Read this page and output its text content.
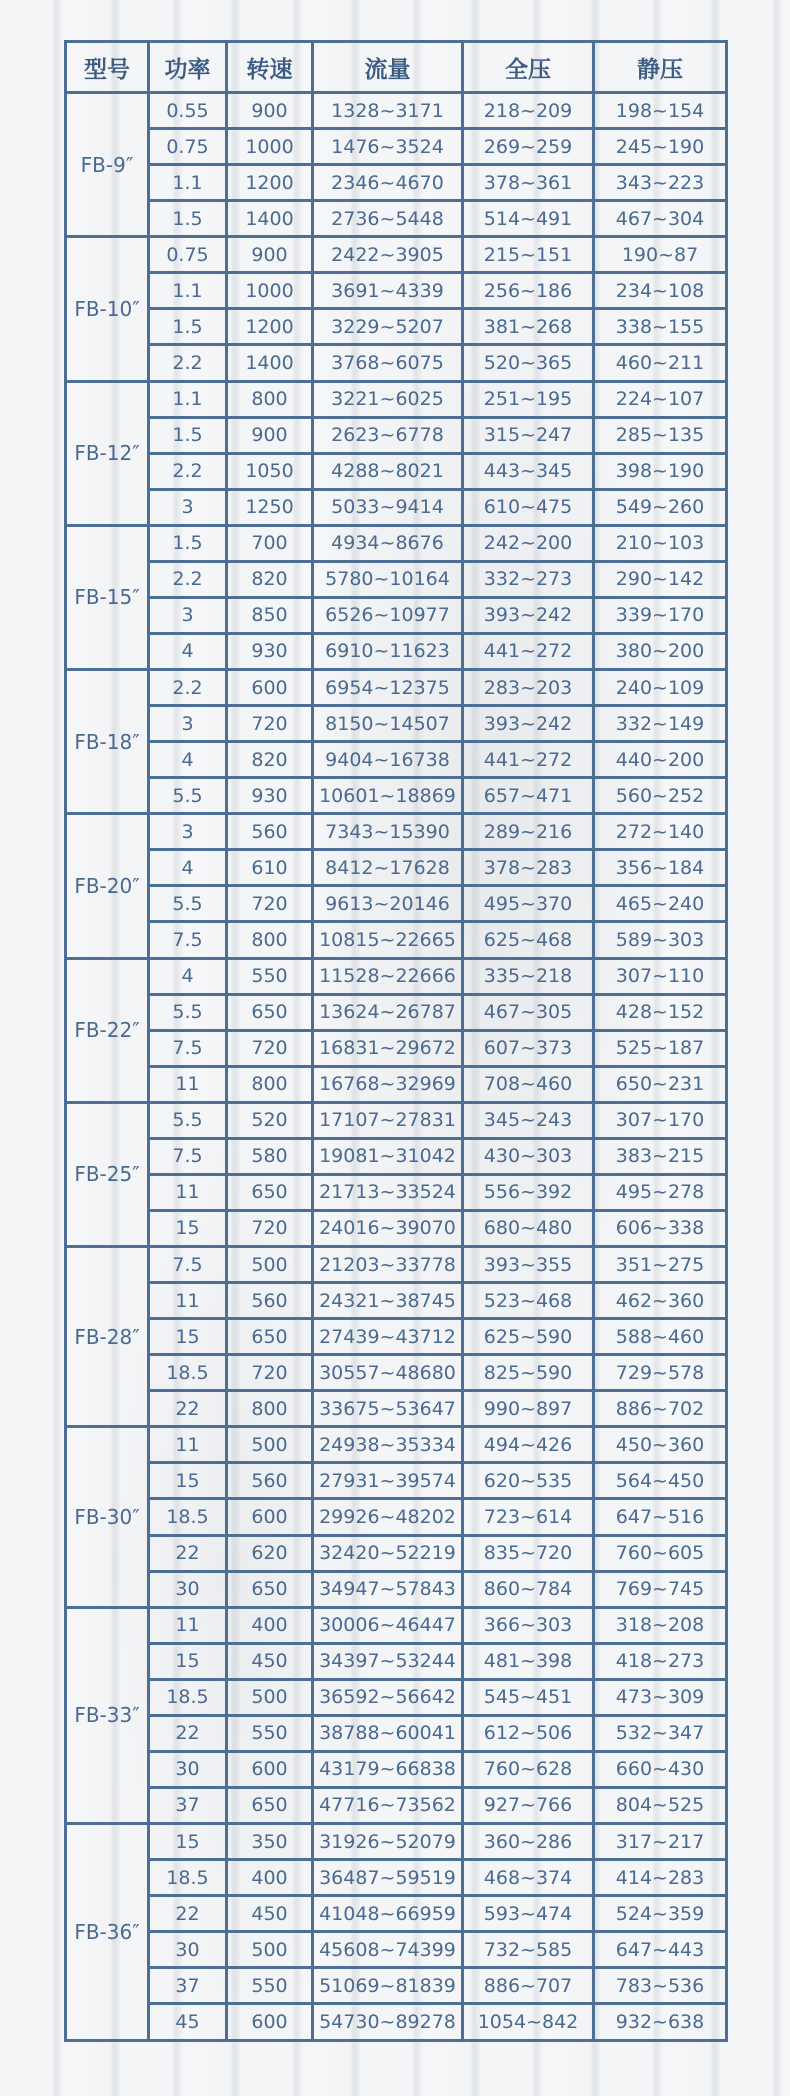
型号	功率	转速	流量	全压	静压
FB-9″	0.55	900	1328~3171	218~209	198~154
	0.75	1000	1476~3524	269~259	245~190
	1.1	1200	2346~4670	378~361	343~223
	1.5	1400	2736~5448	514~491	467~304
FB-10″	0.75	900	2422~3905	215~151	190~87
	1.1	1000	3691~4339	256~186	234~108
	1.5	1200	3229~5207	381~268	338~155
	2.2	1400	3768~6075	520~365	460~211
FB-12″	1.1	800	3221~6025	251~195	224~107
	1.5	900	2623~6778	315~247	285~135
	2.2	1050	4288~8021	443~345	398~190
	3	1250	5033~9414	610~475	549~260
FB-15″	1.5	700	4934~8676	242~200	210~103
	2.2	820	5780~10164	332~273	290~142
	3	850	6526~10977	393~242	339~170
	4	930	6910~11623	441~272	380~200
FB-18″	2.2	600	6954~12375	283~203	240~109
	3	720	8150~14507	393~242	332~149
	4	820	9404~16738	441~272	440~200
	5.5	930	10601~18869	657~471	560~252
FB-20″	3	560	7343~15390	289~216	272~140
	4	610	8412~17628	378~283	356~184
	5.5	720	9613~20146	495~370	465~240
	7.5	800	10815~22665	625~468	589~303
FB-22″	4	550	11528~22666	335~218	307~110
	5.5	650	13624~26787	467~305	428~152
	7.5	720	16831~29672	607~373	525~187
	11	800	16768~32969	708~460	650~231
FB-25″	5.5	520	17107~27831	345~243	307~170
	7.5	580	19081~31042	430~303	383~215
	11	650	21713~33524	556~392	495~278
	15	720	24016~39070	680~480	606~338
FB-28″	7.5	500	21203~33778	393~355	351~275
	11	560	24321~38745	523~468	462~360
	15	650	27439~43712	625~590	588~460
	18.5	720	30557~48680	825~590	729~578
	22	800	33675~53647	990~897	886~702
FB-30″	11	500	24938~35334	494~426	450~360
	15	560	27931~39574	620~535	564~450
	18.5	600	29926~48202	723~614	647~516
	22	620	32420~52219	835~720	760~605
	30	650	34947~57843	860~784	769~745
FB-33″	11	400	30006~46447	366~303	318~208
	15	450	34397~53244	481~398	418~273
	18.5	500	36592~56642	545~451	473~309
	22	550	38788~60041	612~506	532~347
	30	600	43179~66838	760~628	660~430
	37	650	47716~73562	927~766	804~525
FB-36″	15	350	31926~52079	360~286	317~217
	18.5	400	36487~59519	468~374	414~283
	22	450	41048~66959	593~474	524~359
	30	500	45608~74399	732~585	647~443
	37	550	51069~81839	886~707	783~536
	45	600	54730~89278	1054~842	932~638
